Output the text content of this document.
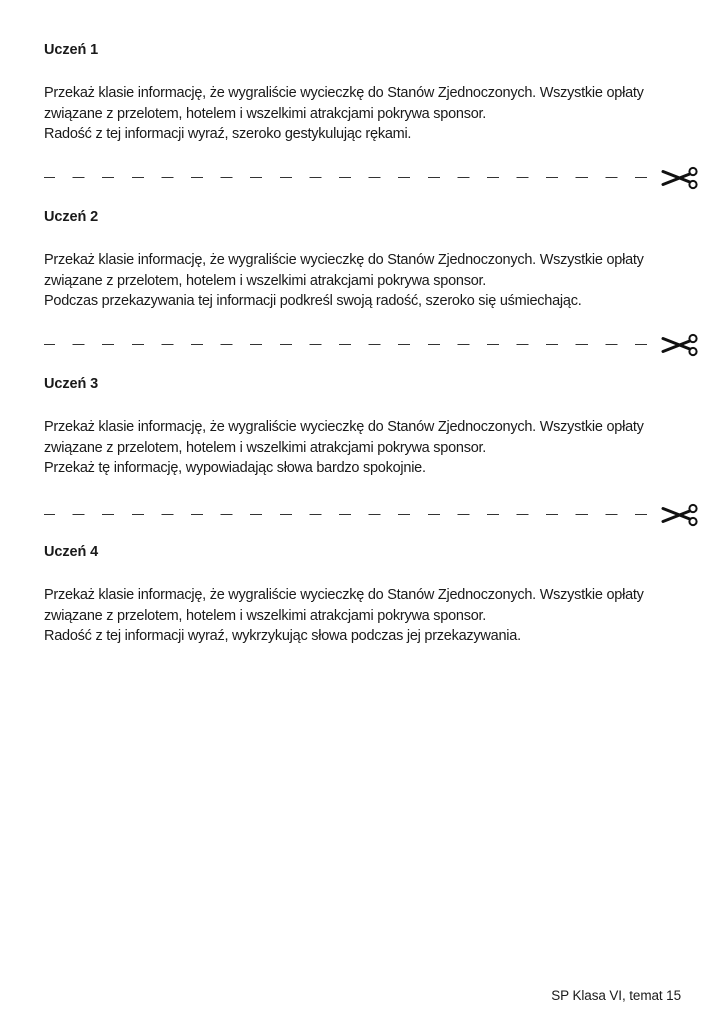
Uczeń 1
Przekaż klasie informację, że wygraliście wycieczkę do Stanów Zjednoczonych. Wszystkie opłaty
związane z przelotem, hotelem i wszelkimi atrakcjami pokrywa sponsor.
Radość z tej informacji wyraź, szeroko gestykulując rękami.
Uczeń 2
Przekaż klasie informację, że wygraliście wycieczkę do Stanów Zjednoczonych. Wszystkie opłaty
związane z przelotem, hotelem i wszelkimi atrakcjami pokrywa sponsor.
Podczas przekazywania tej informacji podkreśl swoją radość, szeroko się uśmiechając.
Uczeń 3
Przekaż klasie informację, że wygraliście wycieczkę do Stanów Zjednoczonych. Wszystkie opłaty
związane z przelotem, hotelem i wszelkimi atrakcjami pokrywa sponsor.
Przekaż tę informację, wypowiadając słowa bardzo spokojnie.
Uczeń 4
Przekaż klasie informację, że wygraliście wycieczkę do Stanów Zjednoczonych. Wszystkie opłaty
związane z przelotem, hotelem i wszelkimi atrakcjami pokrywa sponsor.
Radość z tej informacji wyraź, wykrzykując słowa podczas jej przekazywania.
SP Klasa VI, temat 15
